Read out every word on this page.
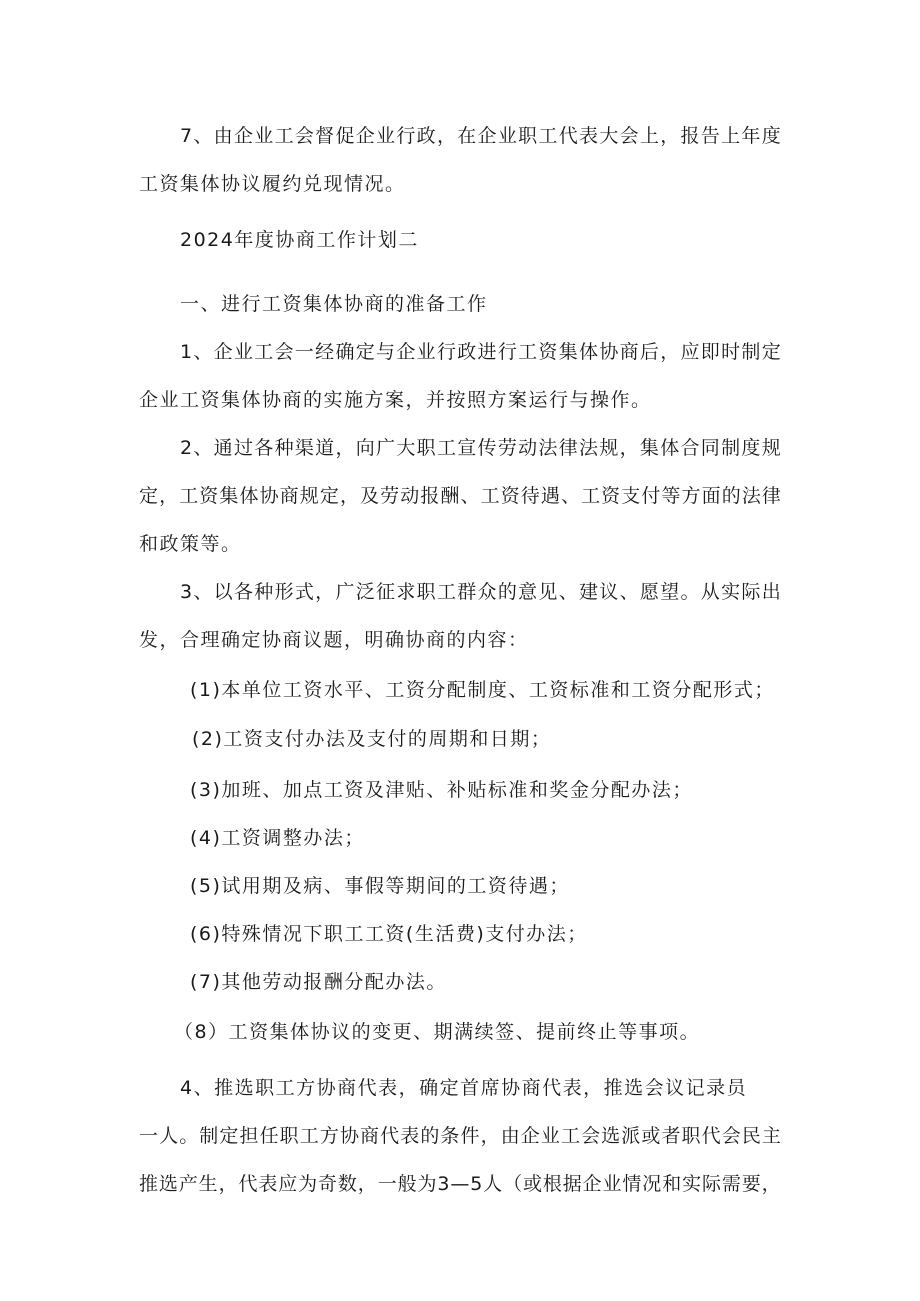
7 、 由 企 业 工 会 督 促 企 业 行 政 ， 在 企 业 职 工 代 表 大 会 上 ， 报 告 上 年 度
工资集体协议履约兑现情况。
2024年度协商工作计划二
一、进行工资集体协商的准备工作
1 、 企 业 工 会 一 经 确 定 与 企 业 行 政 进 行 工 资 集 体 协 商 后 ， 应 即 时 制 定
企业工资集体协商的实施方案，并按照方案运行与操作。
2 、 通 过 各 种 渠 道 ， 向 广 大 职 工 宣 传 劳 动 法 律 法 规 ， 集 体 合 同 制 度 规
定 ， 工 资 集 体 协 商 规 定 ， 及 劳 动 报 酬 、 工 资 待 遇 、 工 资 支 付 等 方 面 的 法 律
和政策等。
3 、 以 各 种 形 式 ， 广 泛 征 求 职 工 群 众 的 意 见 、 建 议 、 愿 望 。 从 实 际 出
发，合理确定协商议题，明确协商的内容：
(1)本单位工资水平、工资分配制度、工资标准和工资分配形式；
(2)工资支付办法及支付的周期和日期；
(3)加班、加点工资及津贴、补贴标准和奖金分配办法；
(4)工资调整办法；
(5)试用期及病、事假等期间的工资待遇；
(6)特殊情况下职工工资(生活费)支付办法；
(7)其他劳动报酬分配办法。
（8）工资集体协议的变更、期满续签、提前终止等事项。
4、推选职工方协商代表，确定首席协商代表，推选会议记录员
一 人 。 制 定 担 任 职 工 方 协 商 代 表 的 条 件 ， 由 企 业 工 会 选 派 或 者 职 代 会 民 主
推 选 产 生 ， 代 表 应 为 奇 数 ， 一 般 为 3 — 5 人 （ 或 根 据 企 业 情 况 和 实 际 需 要 ，
